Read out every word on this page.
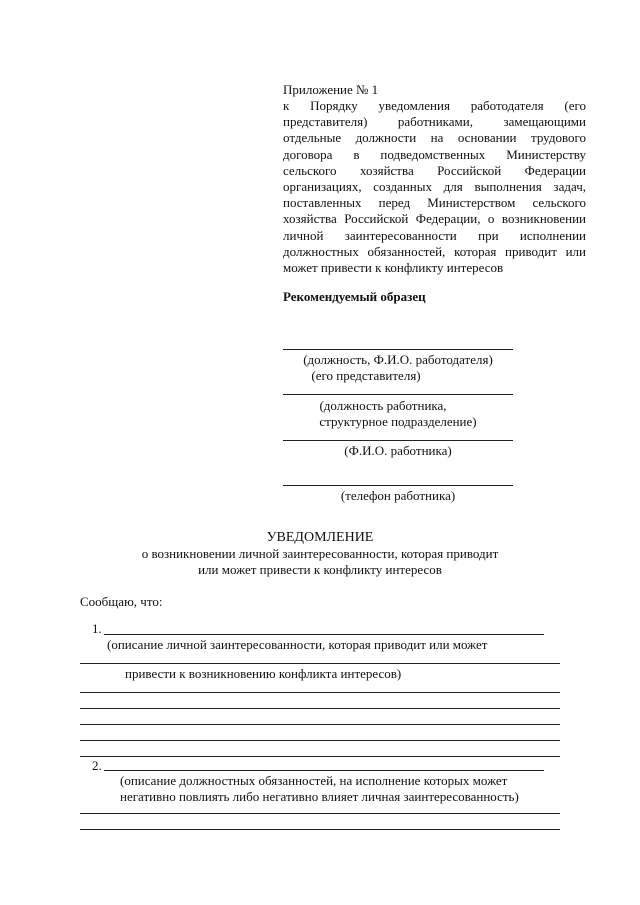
Приложение № 1
к Порядку уведомления работодателя (его представителя) работниками, замещающими отдельные должности на основании трудового договора в подведомственных Министерству сельского хозяйства Российской Федерации организациях, созданных для выполнения задач, поставленных перед Министерством сельского хозяйства Российской Федерации, о возникновении личной заинтересованности при исполнении должностных обязанностей, которая приводит или может привести к конфликту интересов
Рекомендуемый образец
(должность, Ф.И.О. работодателя)
(его представителя)
(должность работника,
структурное подразделение)
(Ф.И.О. работника)
(телефон работника)
УВЕДОМЛЕНИЕ
о возникновении личной заинтересованности, которая приводит
или может привести к конфликту интересов
Сообщаю, что:
1.
(описание личной заинтересованности, которая приводит или может
привести к возникновению конфликта интересов)
2.
(описание должностных обязанностей, на исполнение которых может
негативно повлиять либо негативно влияет личная заинтересованность)
